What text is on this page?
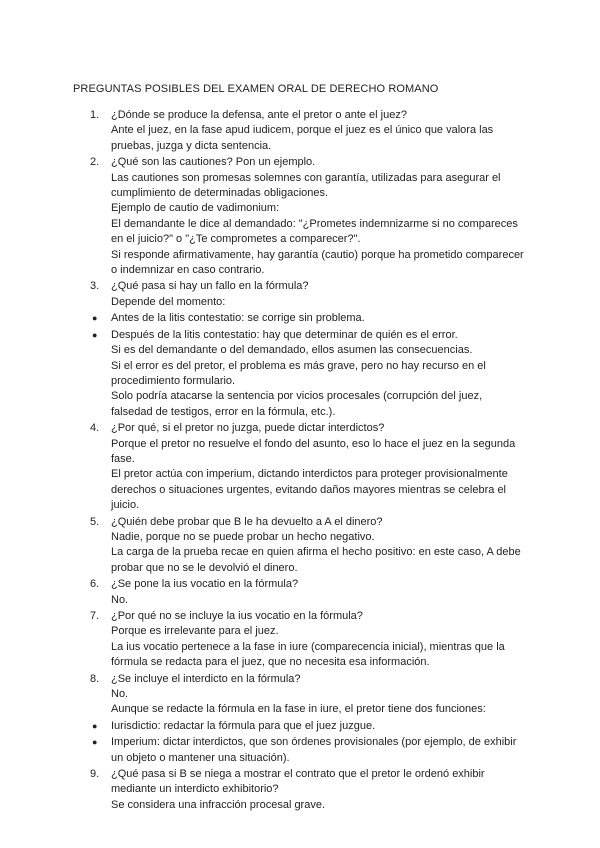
PREGUNTAS POSIBLES DEL EXAMEN ORAL DE DERECHO ROMANO
1. ¿Dónde se produce la defensa, ante el pretor o ante el juez?
Ante el juez, en la fase apud iudicem, porque el juez es el único que valora las
pruebas, juzga y dicta sentencia.
2. ¿Qué son las cautiones? Pon un ejemplo.
Las cautiones son promesas solemnes con garantía, utilizadas para asegurar el
cumplimiento de determinadas obligaciones.
Ejemplo de cautio de vadimonium:
El demandante le dice al demandado: "¿Prometes indemnizarme si no compareces
en el juicio?" o "¿Te comprometes a comparecer?".
Si responde afirmativamente, hay garantía (cautio) porque ha prometido comparecer
o indemnizar en caso contrario.
3. ¿Qué pasa si hay un fallo en la fórmula?
Depende del momento:
● Antes de la litis contestatio: se corrige sin problema.
● Después de la litis contestatio: hay que determinar de quién es el error.
Si es del demandante o del demandado, ellos asumen las consecuencias.
Si el error es del pretor, el problema es más grave, pero no hay recurso en el
procedimiento formulario.
Solo podría atacarse la sentencia por vicios procesales (corrupción del juez,
falsedad de testigos, error en la fórmula, etc.).
4. ¿Por qué, si el pretor no juzga, puede dictar interdictos?
Porque el pretor no resuelve el fondo del asunto, eso lo hace el juez en la segunda
fase.
El pretor actúa con imperium, dictando interdictos para proteger provisionalmente
derechos o situaciones urgentes, evitando daños mayores mientras se celebra el
juicio.
5. ¿Quién debe probar que B le ha devuelto a A el dinero?
Nadie, porque no se puede probar un hecho negativo.
La carga de la prueba recae en quien afirma el hecho positivo: en este caso, A debe
probar que no se le devolvió el dinero.
6. ¿Se pone la ius vocatio en la fórmula?
No.
7. ¿Por qué no se incluye la ius vocatio en la fórmula?
Porque es irrelevante para el juez.
La ius vocatio pertenece a la fase in iure (comparecencia inicial), mientras que la
fórmula se redacta para el juez, que no necesita esa información.
8. ¿Se incluye el interdicto en la fórmula?
No.
Aunque se redacte la fórmula en la fase in iure, el pretor tiene dos funciones:
● Iurisdictio: redactar la fórmula para que el juez juzgue.
● Imperium: dictar interdictos, que son órdenes provisionales (por ejemplo, de exhibir
un objeto o mantener una situación).
9. ¿Qué pasa si B se niega a mostrar el contrato que el pretor le ordenó exhibir
mediante un interdicto exhibitorio?
Se considera una infracción procesal grave.
